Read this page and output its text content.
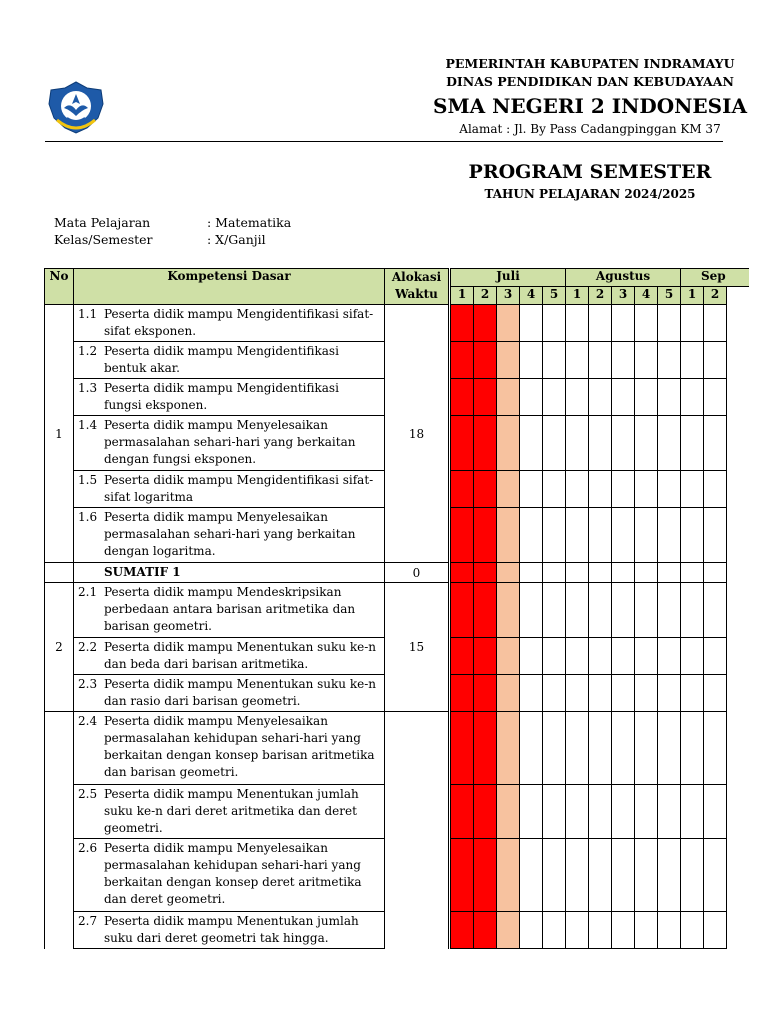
PEMERINTAH KABUPATEN INDRAMAYU
DINAS PENDIDIKAN DAN KEBUDAYAAN
SMA NEGERI 2 INDONESIA
Alamat : Jl. By Pass Cadangpinggan KM 37
PROGRAM SEMESTER
TAHUN PELAJARAN 2024/2025
Mata Pelajaran	: Matematika
Kelas/Semester	: X/Ganjil
No	Kompetensi Dasar	Alokasi Waktu		Juli					Agustus					Sep		
				1	2	3	4	5	1	2	3	4	5	1	2	
1	1.1 Peserta didik mampu Mengidentifikasi sifat-sifat eksponen.	18														
	1.2 Peserta didik mampu Mengidentifikasi bentuk akar.															
	1.3 Peserta didik mampu Mengidentifikasi fungsi eksponen.															
	1.4 Peserta didik mampu Menyelesaikan permasalahan sehari-hari yang berkaitan dengan fungsi eksponen.															
	1.5 Peserta didik mampu Mengidentifikasi sifat-sifat logaritma															
	1.6 Peserta didik mampu Menyelesaikan permasalahan sehari-hari yang berkaitan dengan logaritma.															
	SUMATIF 1	0														
2	2.1 Peserta didik mampu Mendeskripsikan perbedaan antara barisan aritmetika dan barisan geometri.	15														
	2.2 Peserta didik mampu Menentukan suku ke-n dan beda dari barisan aritmetika.															
	2.3 Peserta didik mampu Menentukan suku ke-n dan rasio dari barisan geometri.															
	2.4 Peserta didik mampu Menyelesaikan permasalahan kehidupan sehari-hari yang berkaitan dengan konsep barisan aritmetika dan barisan geometri.															
	2.5 Peserta didik mampu Menentukan jumlah suku ke-n dari deret aritmetika dan deret geometri.															
	2.6 Peserta didik mampu Menyelesaikan permasalahan kehidupan sehari-hari yang berkaitan dengan konsep deret aritmetika dan deret geometri.															
	2.7 Peserta didik mampu Menentukan jumlah suku dari deret geometri tak hingga.															
